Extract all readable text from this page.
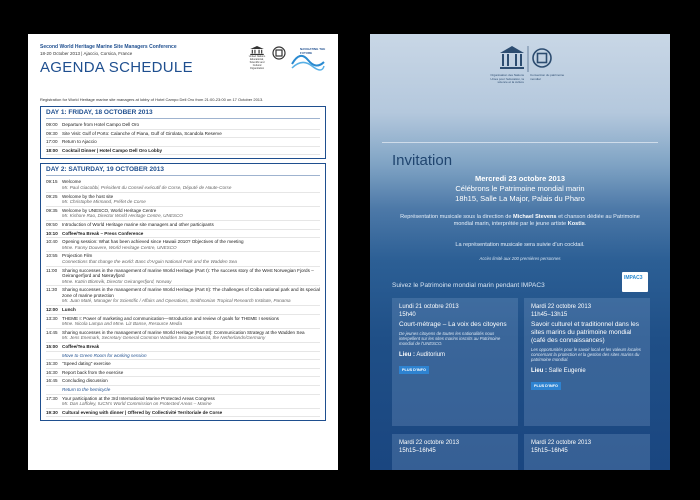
Second World Heritage Marine Site Managers Conference
18-20 October 2013 | Ajaccio, Corsica, France
AGENDA SCHEDULE
United Nations Educational, Scientific and Cultural Organization
NAVIGATING THE FUTURE
Registration for World Heritage marine site managers at lobby of Hotel Campo Dell Oro from 21:00-23:00 on 17 October 2013.
DAY 1: FRIDAY, 18 OCTOBER 2013
09:00 Departure from Hotel Campo Dell Oro
09:30 Site Visit: Gulf of Porto: Calanche of Piana, Gulf of Girolata, Scandola Reserve
17:00 Return to Ajaccio
18:00 Cocktail Dinner | Hotel Campo Dell Oro Lobby
DAY 2: SATURDAY, 19 OCTOBER 2013
09:15 Welcome
Mr. Paul Giacobbi, Président du Conseil exécutif de Corse, Député de Haute-Corse
09:25 Welcome by the host site
Mr. Christophe Mirmand, Préfet de Corse
09:35 Welcome by UNESCO, World Heritage Centre
Mr. Kishore Rao, Director World Heritage Centre, UNESCO
09:50 Introduction of World Heritage marine site managers and other participants
10:10 Coffee/Tea Break – Press Conference
10:40 Opening session: What has been achieved since Hawaii 2010? Objectives of the meeting
Mme. Fanny Douvere, World Heritage Centre, UNESCO
10:55 Projection Film
Connections that change the world: Banc d'Arguin National Park and the Wadden Sea
11:00	Sharing successes in the management of marine World Heritage (Part I): The success story of the West Norwegian Fjords – Geirangerfjord and Nærøyfjord
Mme. Katrin Blomvik, Director Geirangerfjord, Norway
11:30	Sharing successes in the management of marine World Heritage (Part II): The challenges of Coiba national park and its special zone of marine protection
Mr. Juan Maté, Manager for Scientific / Affairs and Operations, Smithsonian Tropical Research Institute, Panama
12:00 Lunch
13:30 THEME I: Power of marketing and communication—Introduction and review of goals for THEME I sessions
Mme. Nicola Lampa and Mme. Liz Banse, Resource Media
14:45 Sharing successes in the management of marine World Heritage (Part III): Communication Strategy at the Wadden Sea
Mr. Jens Enemark, Secretary General Common Wadden Sea Secretariat, the Netherlands/Germany
15:00 Coffee/Tea Break
Move to Green Room for working session
15:30 "Speed dating" exercise
16:30 Report back from the exercise
16:45 Concluding discussion
Return to the hemicycle
17:30 Your participation at the 3rd International Marine Protected Areas Congress
Mr. Dan Laffoley, IUCN's World Commission on Protected Areas – Marine
19:30 Cultural evening with dinner | Offered by Collectivité Territoriale de Corse
Organisation des Nations Unies pour l'éducation, la science et la culture
Convention du patrimoine mondial
Invitation
Mercredi 23 octobre 2013
Célébrons le Patrimoine mondial marin
18h15, Salle La Major, Palais du Pharo
Représentation musicale sous la direction de Michael Stevens et chanson dédiée au Patrimoine mondial marin, interprétée par le jeune artiste Kostis.
La représentation musicale sera suivie d'un cocktail.
Accès limité aux 200 premières personnes
Suivez le Patrimoine mondial marin pendant IMPAC3
IMPAC3
Lundi 21 octobre 2013
15h40
Court-métrage – La voix des citoyens
De jeunes citoyens de toutes les nationalités nous interpellent sur les sites marins inscrits au Patrimoine mondial de l'UNESCO.
Lieu : Auditorium
PLUS D'INFO
Mardi 22 octobre 2013
11h45–13h15
Savoir culturel et traditionnel dans les sites marins du patrimoine mondial (café des connaissances)
Les opportunités pour le savoir local et les valeurs locales concernant la protection et la gestion des sites marins du patrimoine mondial.
Lieu : Salle Eugenie
PLUS D'INFO
Mardi 22 octobre 2013
15h15–16h45
Mardi 22 octobre 2013
15h15–16h45
